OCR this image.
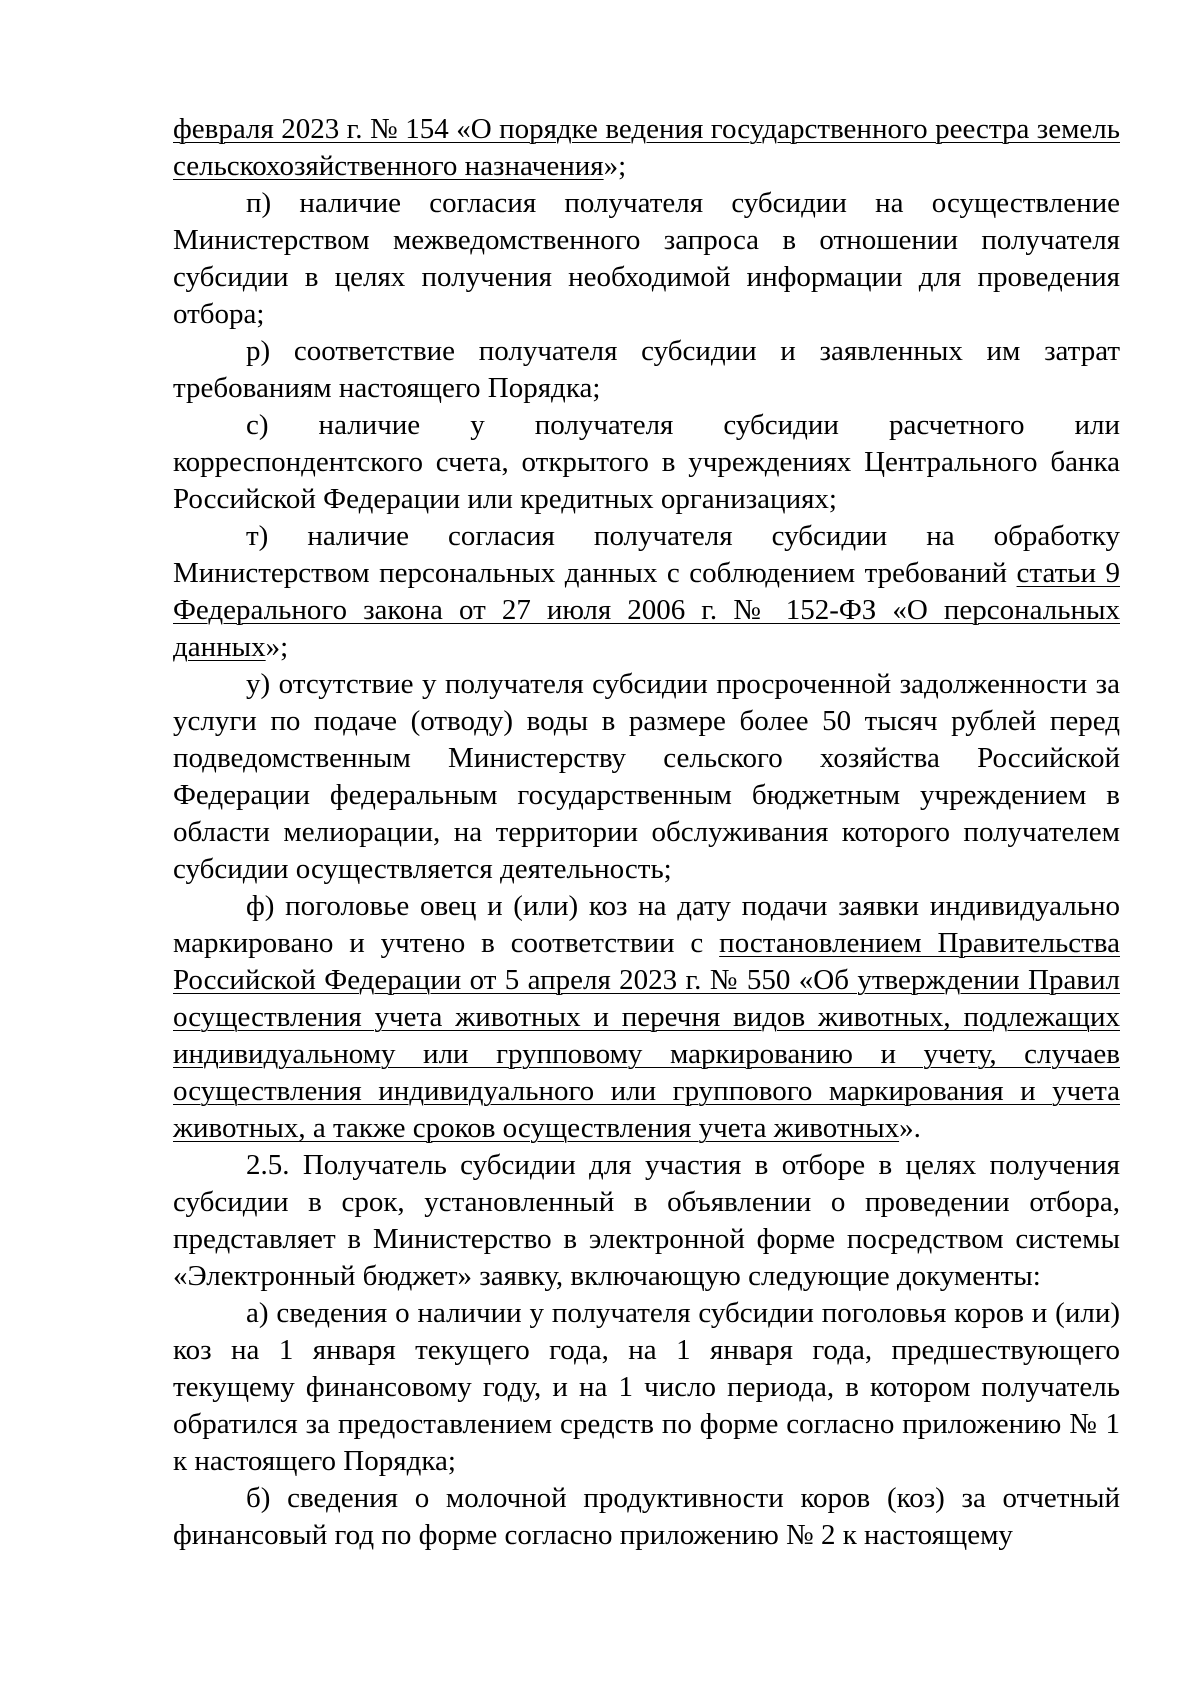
февраля 2023 г. № 154 «О порядке ведения государственного реестра земель сельскохозяйственного назначения»;

п) наличие согласия получателя субсидии на осуществление Министерством межведомственного запроса в отношении получателя субсидии в целях получения необходимой информации для проведения отбора;

р) соответствие получателя субсидии и заявленных им затрат требованиям настоящего Порядка;

с) наличие у получателя субсидии расчетного или корреспондентского счета, открытого в учреждениях Центрального банка Российской Федерации или кредитных организациях;

т) наличие согласия получателя субсидии на обработку Министерством персональных данных с соблюдением требований статьи 9 Федерального закона от 27 июля 2006 г. № 152-ФЗ «О персональных данных»;

у) отсутствие у получателя субсидии просроченной задолженности за услуги по подаче (отводу) воды в размере более 50 тысяч рублей перед подведомственным Министерству сельского хозяйства Российской Федерации федеральным государственным бюджетным учреждением в области мелиорации, на территории обслуживания которого получателем субсидии осуществляется деятельность;

ф) поголовье овец и (или) коз на дату подачи заявки индивидуально маркировано и учтено в соответствии с постановлением Правительства Российской Федерации от 5 апреля 2023 г. № 550 «Об утверждении Правил осуществления учета животных и перечня видов животных, подлежащих индивидуальному или групповому маркированию и учету, случаев осуществления индивидуального или группового маркирования и учета животных, а также сроков осуществления учета животных».

2.5. Получатель субсидии для участия в отборе в целях получения субсидии в срок, установленный в объявлении о проведении отбора, представляет в Министерство в электронной форме посредством системы «Электронный бюджет» заявку, включающую следующие документы:

а) сведения о наличии у получателя субсидии поголовья коров и (или) коз на 1 января текущего года, на 1 января года, предшествующего текущему финансовому году, и на 1 число периода, в котором получатель обратился за предоставлением средств по форме согласно приложению № 1 к настоящего Порядка;

б) сведения о молочной продуктивности коров (коз) за отчетный финансовый год по форме согласно приложению № 2 к настоящему
